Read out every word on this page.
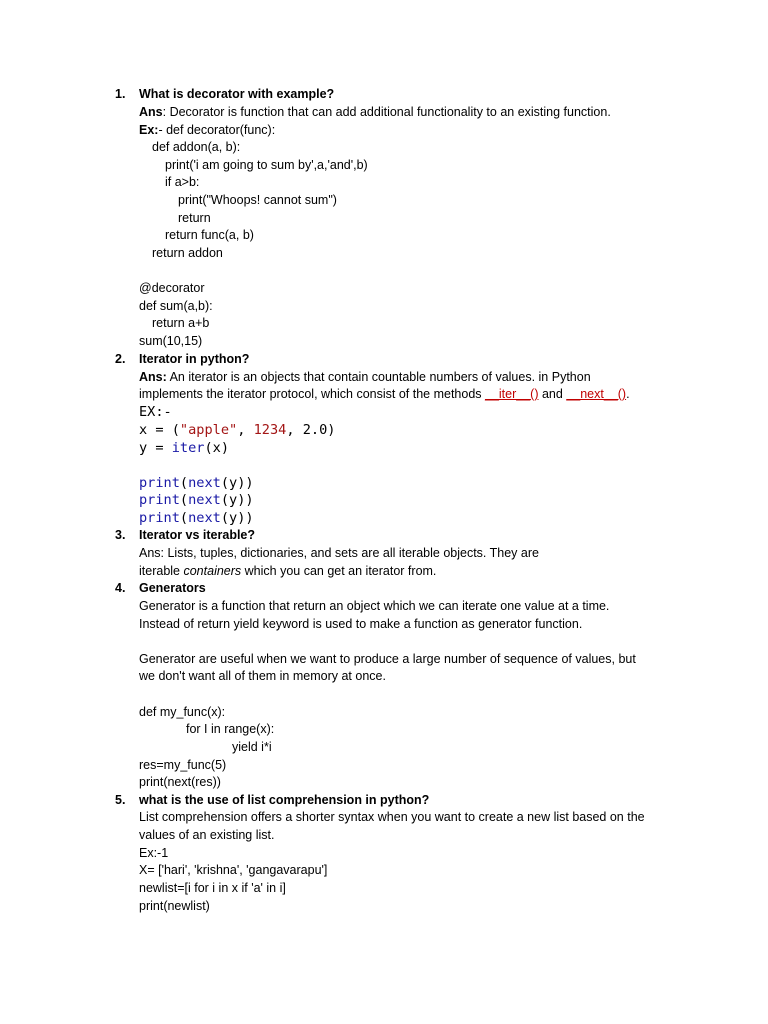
1. What is decorator with example?
Ans: Decorator is function that can add additional functionality to an existing function.
Ex:- def decorator(func):
def addon(a, b):
print('i am going to sum by',a,'and',b)
if a>b:
print("Whoops! cannot sum")
return
return func(a, b)
return addon
@decorator
def sum(a,b):
return a+b
sum(10,15)
2. Iterator in python?
Ans: An iterator is an objects that contain countable numbers of values. in Python
implements the iterator protocol, which consist of the methods __iter__() and __next__().
EX:-
x = ("apple", 1234, 2.0)
y = iter(x)
print(next(y))
print(next(y))
print(next(y))
3. Iterator vs iterable?
Ans: Lists, tuples, dictionaries, and sets are all iterable objects. They are
iterable containers which you can get an iterator from.
4. Generators
Generator is a function that return an object which we can iterate one value at a time.
Instead of return yield keyword is used to make a function as generator function.
Generator are useful when we want to produce a large number of sequence of values, but
we don't want all of them in memory at once.
def my_func(x):
for I in range(x):
yield i*i
res=my_func(5)
print(next(res))
5. what is the use of list comprehension in python?
List comprehension offers a shorter syntax when you want to create a new list based on the
values of an existing list.
Ex:-1
X= ['hari', 'krishna', 'gangavarapu']
newlist=[i for i in x if 'a' in i]
print(newlist)
